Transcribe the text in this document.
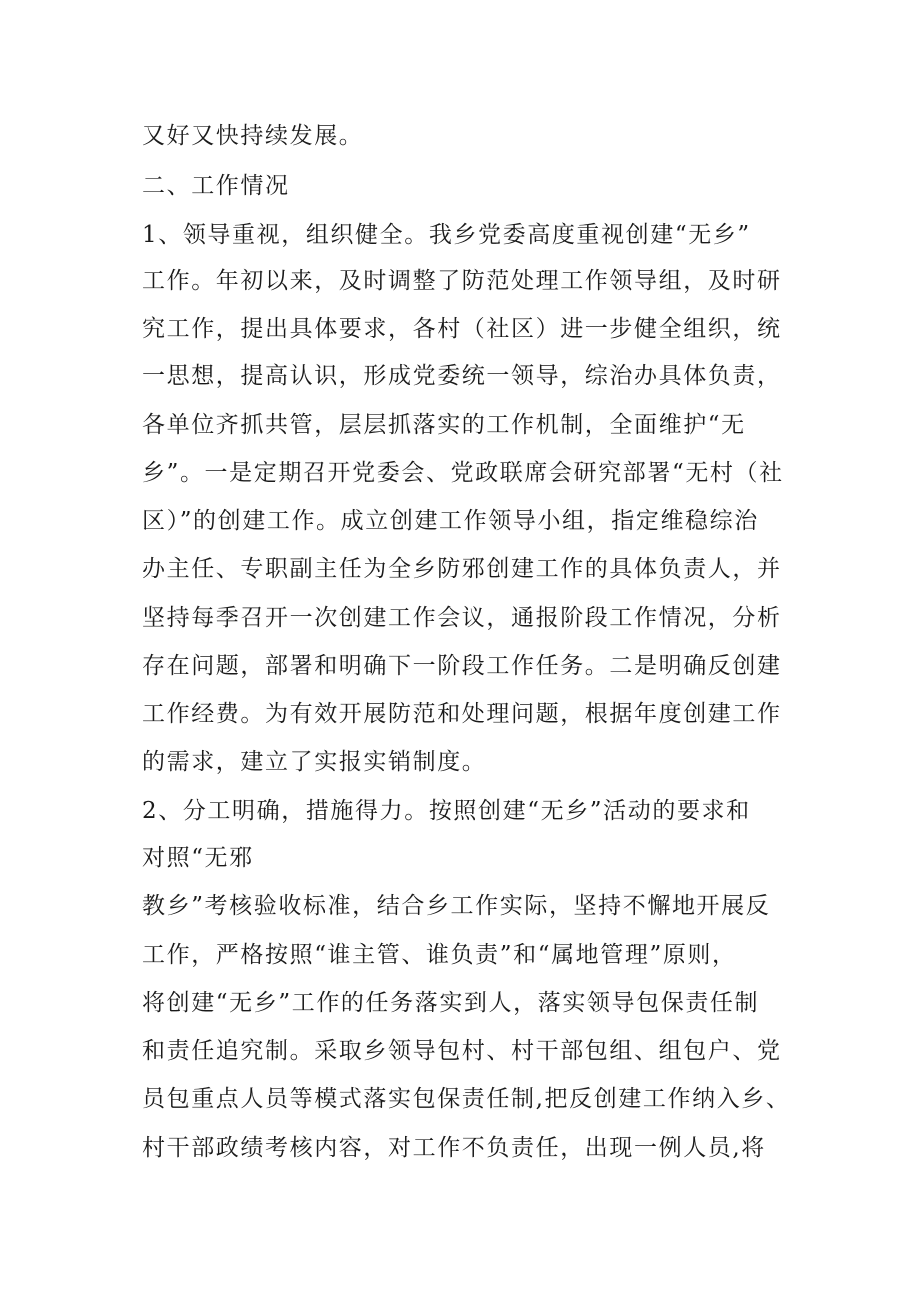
又好又快持续发展。
二、工作情况
1、领导重视，组织健全。我乡党委高度重视创建“无乡”
工作。年初以来，及时调整了防范处理工作领导组，及时研
究工作，提出具体要求，各村（社区）进一步健全组织，统
一思想，提高认识，形成党委统一领导，综治办具体负责，
各单位齐抓共管，层层抓落实的工作机制，全面维护“无
乡”。一是定期召开党委会、党政联席会研究部署“无村（社
区）”的创建工作。成立创建工作领导小组，指定维稳综治
办主任、专职副主任为全乡防邪创建工作的具体负责人，并
坚持每季召开一次创建工作会议，通报阶段工作情况，分析
存在问题，部署和明确下一阶段工作任务。二是明确反创建
工作经费。为有效开展防范和处理问题，根据年度创建工作
的需求，建立了实报实销制度。
2、分工明确，措施得力。按照创建“无乡”活动的要求和
对照“无邪
教乡”考核验收标准，结合乡工作实际，坚持不懈地开展反
工作，严格按照“谁主管、谁负责”和“属地管理”原则，
将创建“无乡”工作的任务落实到人，落实领导包保责任制
和责任追究制。采取乡领导包村、村干部包组、组包户、党
员包重点人员等模式落实包保责任制,把反创建工作纳入乡、
村干部政绩考核内容，对工作不负责任，出现一例人员,将
